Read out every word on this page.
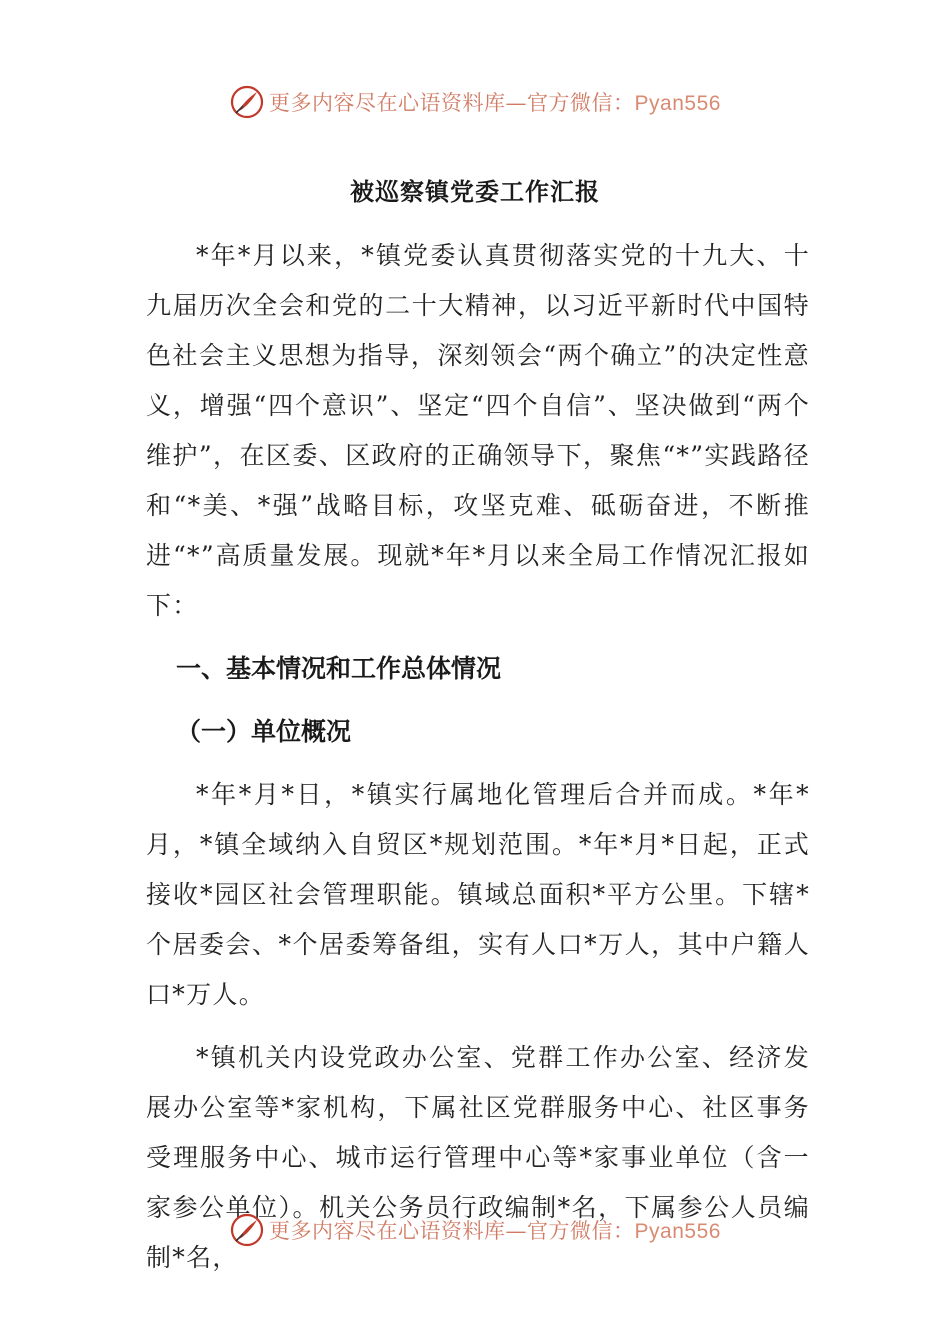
更多内容尽在心语资料库—官方微信：Pyan556
被巡察镇党委工作汇报

*年*月以来，*镇党委认真贯彻落实党的十九大、十九届历次全会和党的二十大精神，以习近平新时代中国特色社会主义思想为指导，深刻领会“两个确立”的决定性意义，增强“四个意识”、坚定“四个自信”、坚决做到“两个维护”，在区委、区政府的正确领导下，聚焦“*”实践路径和“*美、*强”战略目标，攻坚克难、砥砺奋进，不断推进“*”高质量发展。现就*年*月以来全局工作情况汇报如下：

一、基本情况和工作总体情况
（一）单位概况

*年*月*日，*镇实行属地化管理后合并而成。*年*月，*镇全域纳入自贸区*规划范围。*年*月*日起，正式接收*园区社会管理职能。镇域总面积*平方公里。下辖*个居委会、*个居委筹备组，实有人口*万人，其中户籍人口*万人。

*镇机关内设党政办公室、党群工作办公室、经济发展办公室等*家机构，下属社区党群服务中心、社区事务受理服务中心、城市运行管理中心等*家事业单位（含一家参公单位）。机关公务员行政编制*名，下属参公人员编制*名，

更多内容尽在心语资料库—官方微信：Pyan556
